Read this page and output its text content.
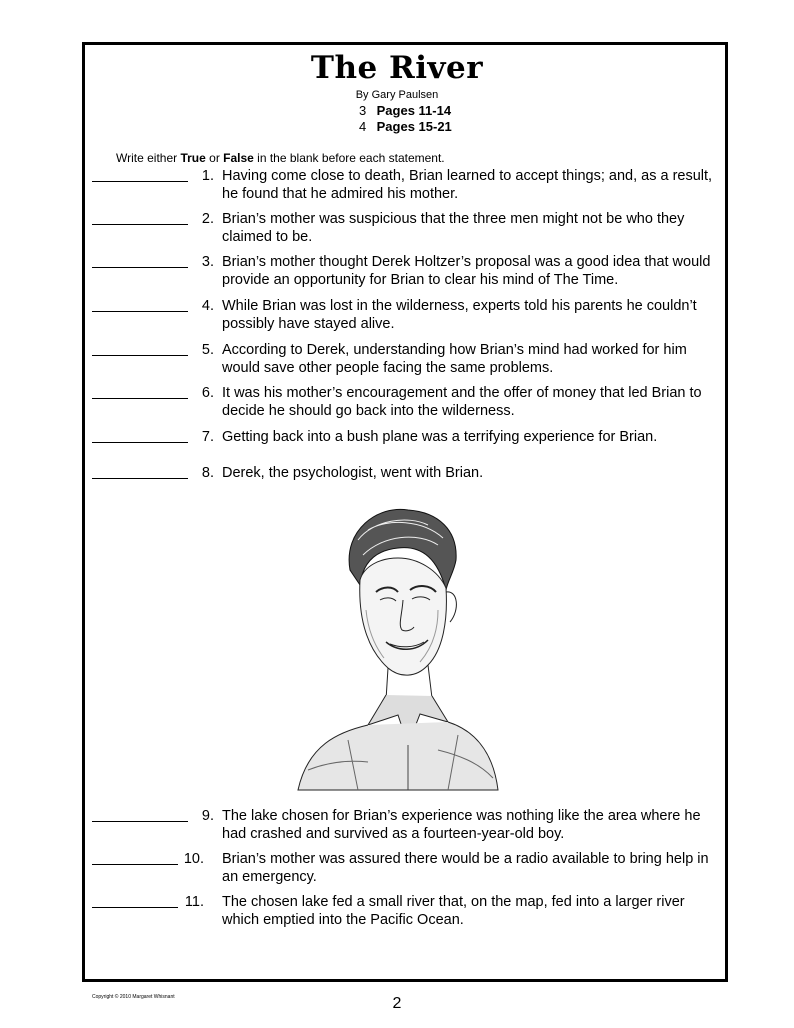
The River
By Gary Paulsen
3 Pages 11-14
4 Pages 15-21
Write either True or False in the blank before each statement.
1. Having come close to death, Brian learned to accept things; and, as a result, he found that he admired his mother.
2. Brian’s mother was suspicious that the three men might not be who they claimed to be.
3. Brian’s mother thought Derek Holtzer’s proposal was a good idea that would provide an opportunity for Brian to clear his mind of The Time.
4. While Brian was lost in the wilderness, experts told his parents he couldn’t possibly have stayed alive.
5. According to Derek, understanding how Brian’s mind had worked for him would save other people facing the same problems.
6. It was his mother’s encouragement and the offer of money that led Brian to decide he should go back into the wilderness.
7. Getting back into a bush plane was a terrifying experience for Brian.
8. Derek, the psychologist, went with Brian.
9. The lake chosen for Brian’s experience was nothing like the area where he had crashed and survived as a fourteen-year-old boy.
10. Brian’s mother was assured there would be a radio available to bring help in an emergency.
11. The chosen lake fed a small river that, on the map, fed into a larger river which emptied into the Pacific Ocean.
Copyright © 2010 Margaret Whisnant	2
